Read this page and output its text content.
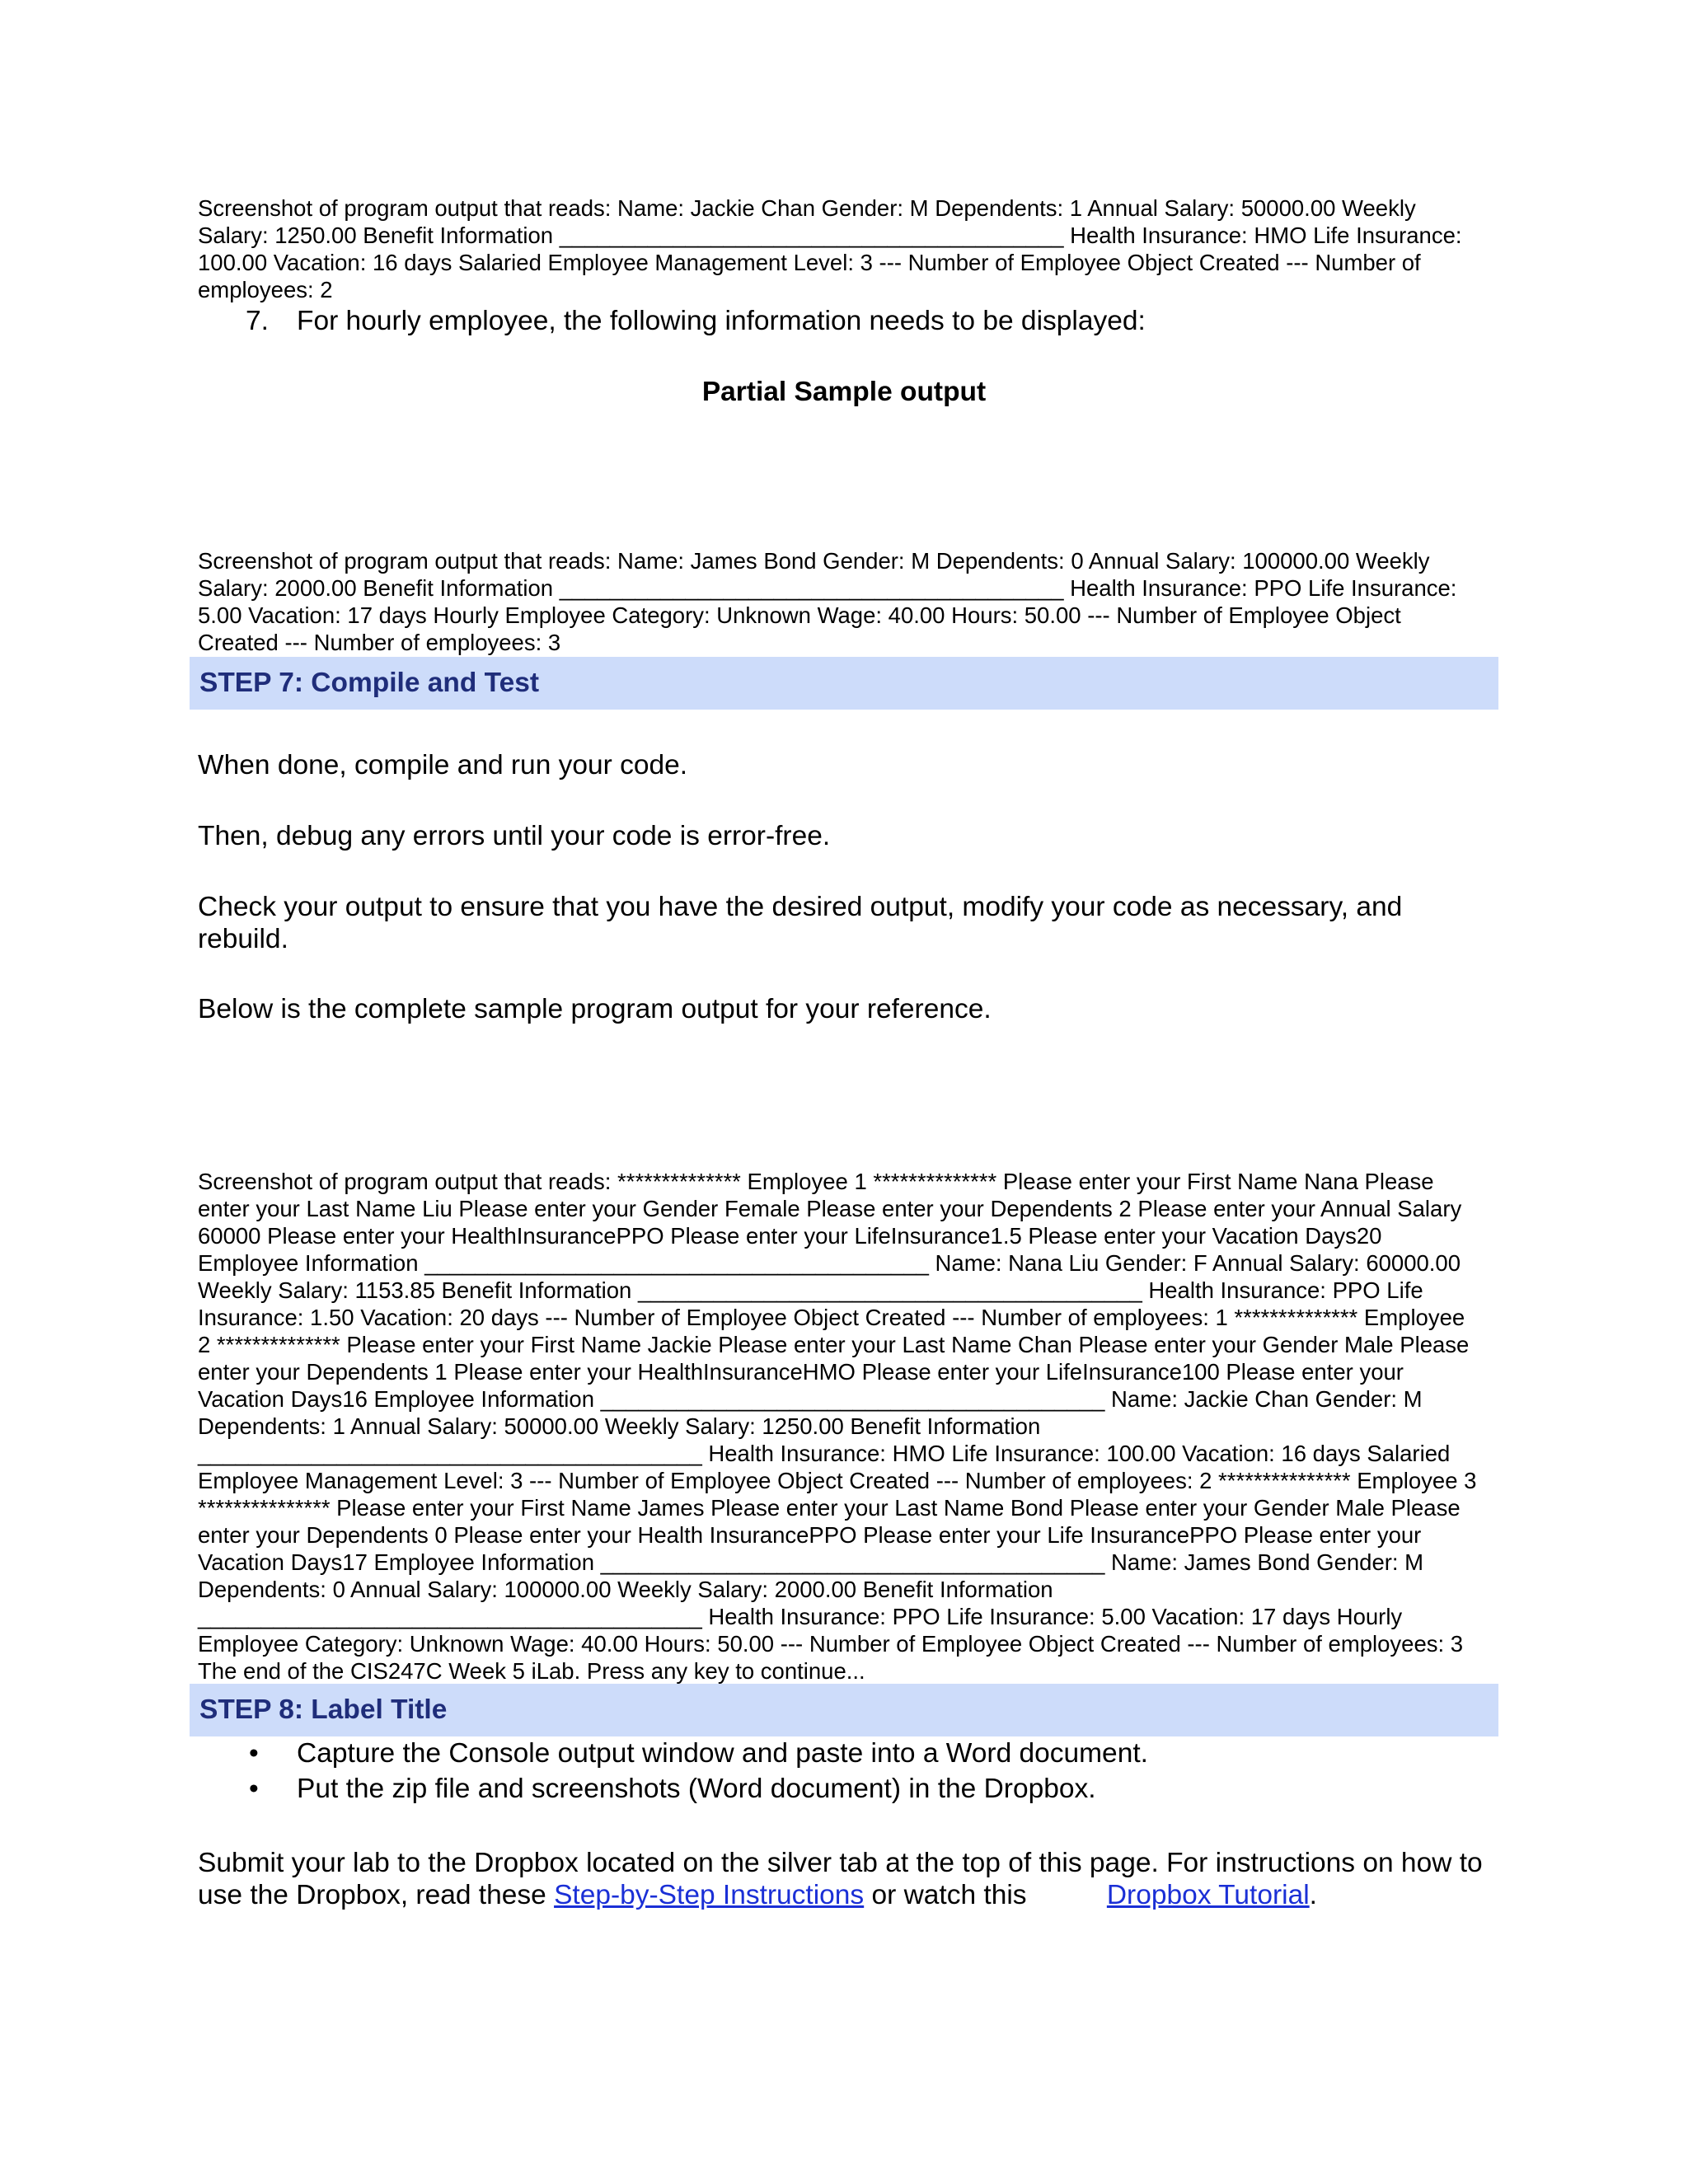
Screenshot of program output that reads: Name: Jackie Chan Gender: M Dependents: 1 Annual Salary: 50000.00 Weekly Salary: 1250.00 Benefit Information ________________________________________ Health Insurance: HMO Life Insurance: 100.00 Vacation: 16 days Salaried Employee Management Level: 3 --- Number of Employee Object Created --- Number of employees: 2

7. For hourly employee, the following information needs to be displayed:

Partial Sample output

Screenshot of program output that reads: Name: James Bond Gender: M Dependents: 0 Annual Salary: 100000.00 Weekly Salary: 2000.00 Benefit Information ________________________________________ Health Insurance: PPO Life Insurance: 5.00 Vacation: 17 days Hourly Employee Category: Unknown Wage: 40.00 Hours: 50.00 --- Number of Employee Object Created --- Number of employees: 3

STEP 7: Compile and Test

When done, compile and run your code.

Then, debug any errors until your code is error-free.

Check your output to ensure that you have the desired output, modify your code as necessary, and rebuild.

Below is the complete sample program output for your reference.

Screenshot of program output that reads: ************** Employee 1 ************** Please enter your First Name Nana Please enter your Last Name Liu Please enter your Gender Female Please enter your Dependents 2 Please enter your Annual Salary 60000 Please enter your HealthInsurancePPO Please enter your LifeInsurance1.5 Please enter your Vacation Days20 Employee Information ________________________________________ Name: Nana Liu Gender: F Annual Salary: 60000.00 Weekly Salary: 1153.85 Benefit Information ________________________________________ Health Insurance: PPO Life Insurance: 1.50 Vacation: 20 days --- Number of Employee Object Created --- Number of employees: 1 ************** Employee 2 ************** Please enter your First Name Jackie Please enter your Last Name Chan Please enter your Gender Male Please enter your Dependents 1 Please enter your HealthInsuranceHMO Please enter your LifeInsurance100 Please enter your Vacation Days16 Employee Information ________________________________________ Name: Jackie Chan Gender: M Dependents: 1 Annual Salary: 50000.00 Weekly Salary: 1250.00 Benefit Information ________________________________________ Health Insurance: HMO Life Insurance: 100.00 Vacation: 16 days Salaried Employee Management Level: 3 --- Number of Employee Object Created --- Number of employees: 2 *************** Employee 3 *************** Please enter your First Name James Please enter your Last Name Bond Please enter your Gender Male Please enter your Dependents 0 Please enter your Health InsurancePPO Please enter your Life InsurancePPO Please enter your Vacation Days17 Employee Information ________________________________________ Name: James Bond Gender: M Dependents: 0 Annual Salary: 100000.00 Weekly Salary: 2000.00 Benefit Information ________________________________________ Health Insurance: PPO Life Insurance: 5.00 Vacation: 17 days Hourly Employee Category: Unknown Wage: 40.00 Hours: 50.00 --- Number of Employee Object Created --- Number of employees: 3 The end of the CIS247C Week 5 iLab. Press any key to continue...

STEP 8: Label Title
• Capture the Console output window and paste into a Word document.
• Put the zip file and screenshots (Word document) in the Dropbox.

Submit your lab to the Dropbox located on the silver tab at the top of this page. For instructions on how to use the Dropbox, read these Step-by-Step Instructions or watch this	Dropbox Tutorial.
